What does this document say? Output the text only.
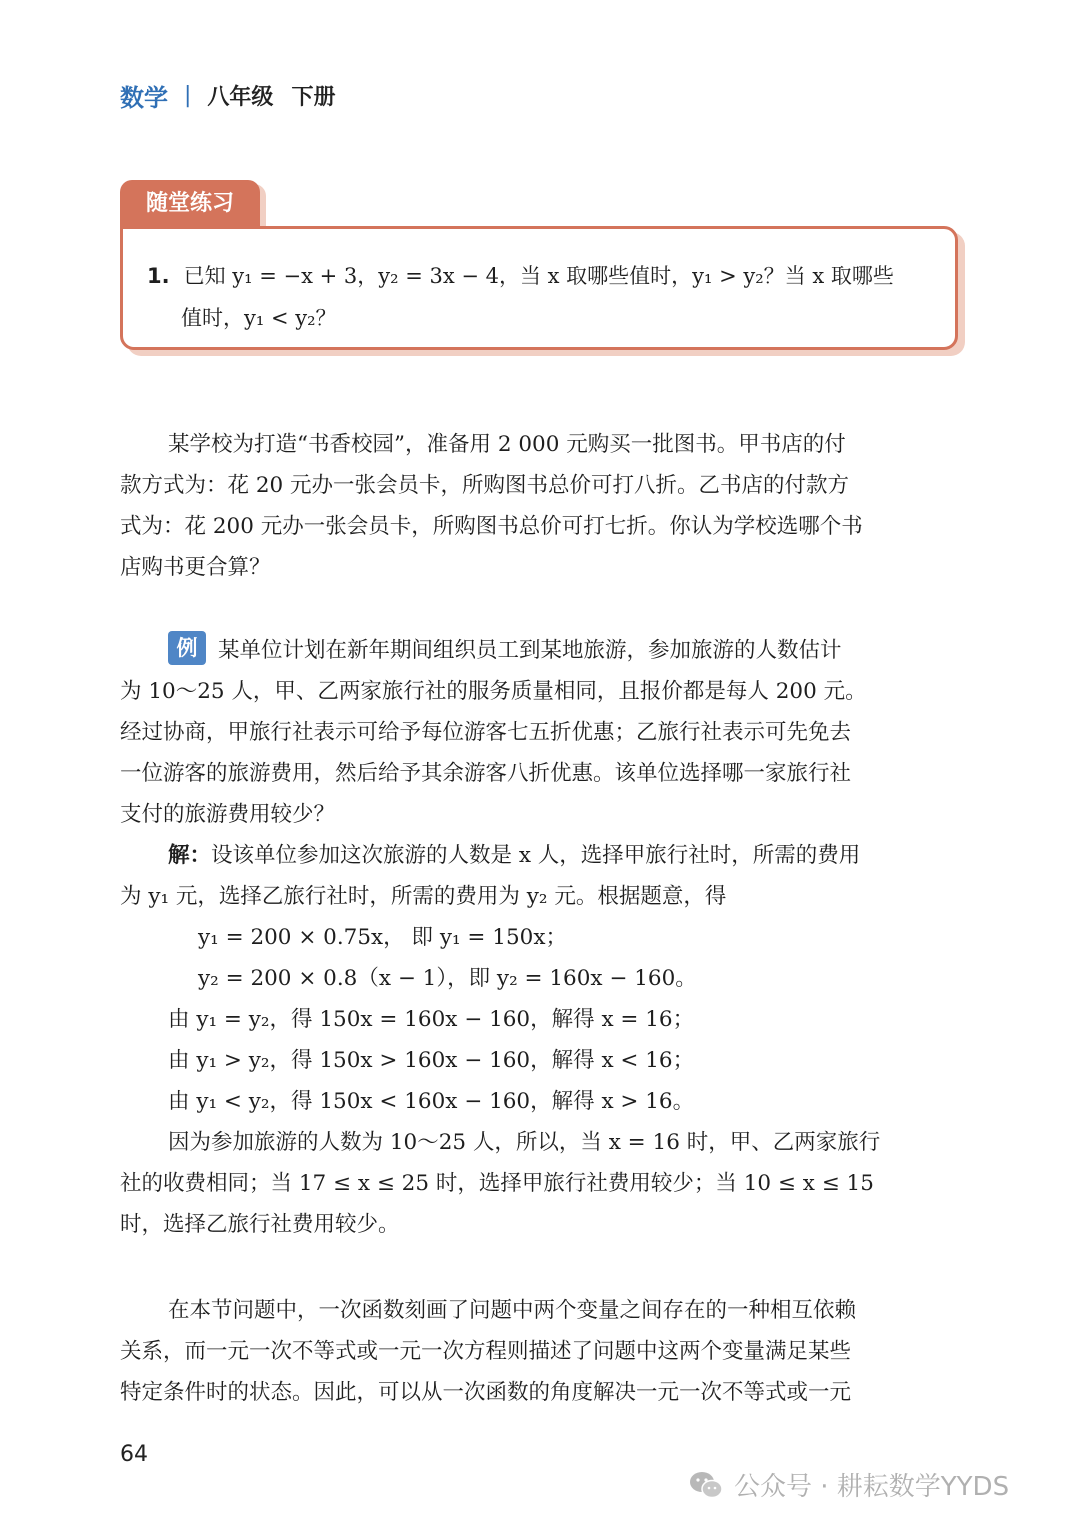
数学 | 八年级 下册
随堂练习
1. 已知 y₁ = −x + 3，y₂ = 3x − 4，当 x 取哪些值时，y₁ > y₂？当 x 取哪些
值时，y₁ < y₂？
某学校为打造“书香校园”，准备用 2 000 元购买一批图书。甲书店的付
款方式为：花 20 元办一张会员卡，所购图书总价可打八折。乙书店的付款方
式为：花 200 元办一张会员卡，所购图书总价可打七折。你认为学校选哪个书
店购书更合算？
例 某单位计划在新年期间组织员工到某地旅游，参加旅游的人数估计
为 10～25 人，甲、乙两家旅行社的服务质量相同，且报价都是每人 200 元。
经过协商，甲旅行社表示可给予每位游客七五折优惠；乙旅行社表示可先免去
一位游客的旅游费用，然后给予其余游客八折优惠。该单位选择哪一家旅行社
支付的旅游费用较少？
解：设该单位参加这次旅游的人数是 x 人，选择甲旅行社时，所需的费用
为 y₁ 元，选择乙旅行社时，所需的费用为 y₂ 元。根据题意，得
y₁ = 200 × 0.75x， 即 y₁ = 150x；
y₂ = 200 × 0.8（x − 1），即 y₂ = 160x − 160。
由 y₁ = y₂，得 150x = 160x − 160，解得 x = 16；
由 y₁ > y₂，得 150x > 160x − 160，解得 x < 16；
由 y₁ < y₂，得 150x < 160x − 160，解得 x > 16。
因为参加旅游的人数为 10～25 人，所以，当 x = 16 时，甲、乙两家旅行
社的收费相同；当 17 ≤ x ≤ 25 时，选择甲旅行社费用较少；当 10 ≤ x ≤ 15
时，选择乙旅行社费用较少。
在本节问题中，一次函数刻画了问题中两个变量之间存在的一种相互依赖
关系，而一元一次不等式或一元一次方程则描述了问题中这两个变量满足某些
特定条件时的状态。因此，可以从一次函数的角度解决一元一次不等式或一元
64
公众号 · 耕耘数学YYDS
